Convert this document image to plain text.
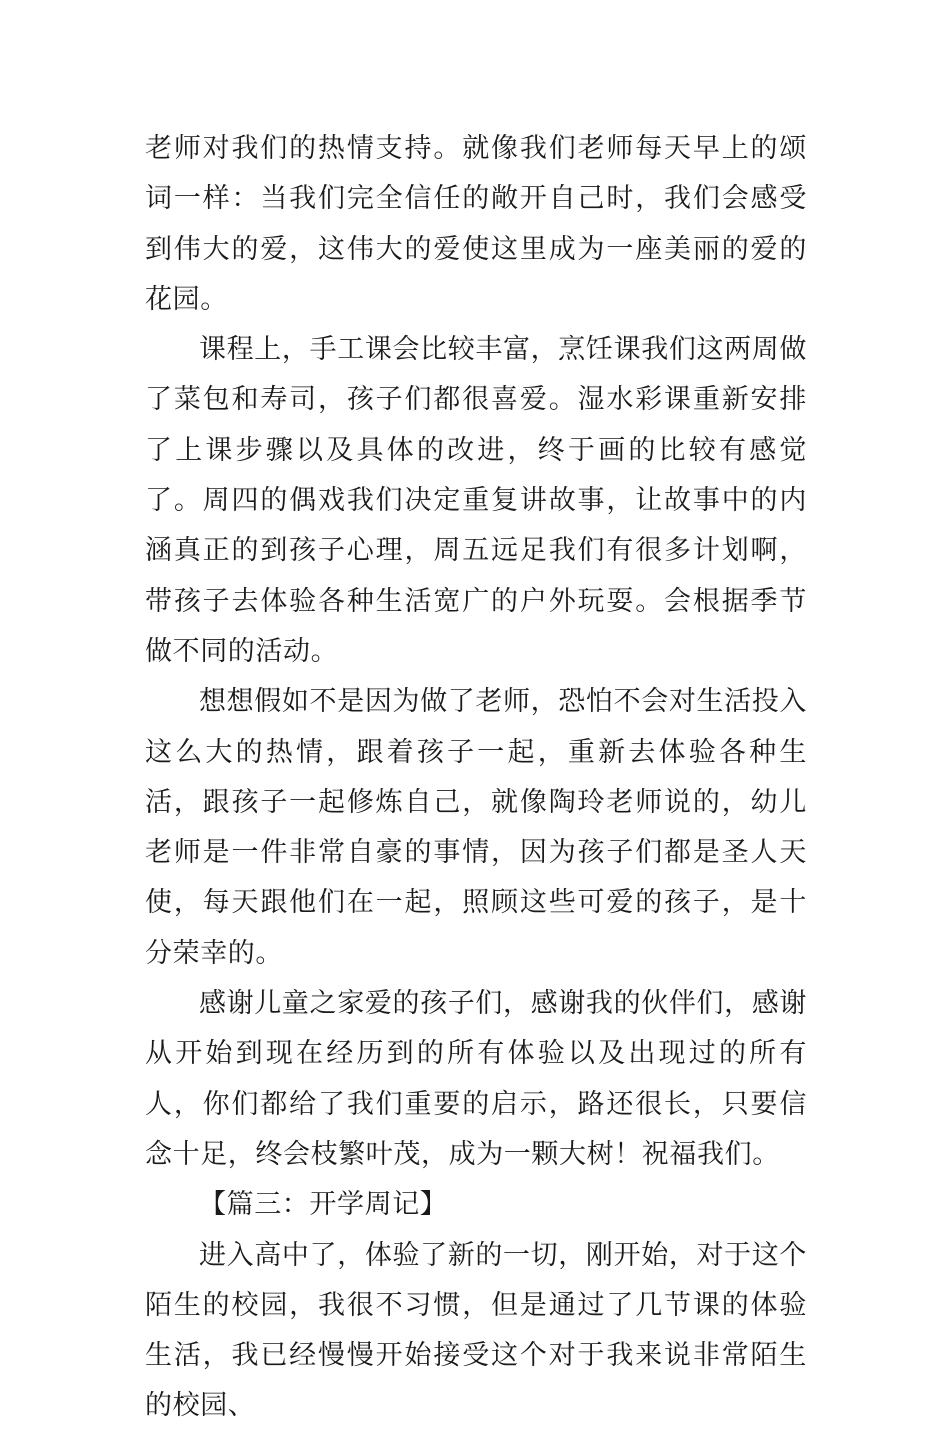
老师对我们的热情支持。就像我们老师每天早上的颂词一样：当我们完全信任的敞开自己时，我们会感受到伟大的爱，这伟大的爱使这里成为一座美丽的爱的花园。

课程上，手工课会比较丰富，烹饪课我们这两周做了菜包和寿司，孩子们都很喜爱。湿水彩课重新安排了上课步骤以及具体的改进，终于画的比较有感觉了。周四的偶戏我们决定重复讲故事，让故事中的内涵真正的到孩子心理，周五远足我们有很多计划啊，带孩子去体验各种生活宽广的户外玩耍。会根据季节做不同的活动。

想想假如不是因为做了老师，恐怕不会对生活投入这么大的热情，跟着孩子一起，重新去体验各种生活，跟孩子一起修炼自己，就像陶玲老师说的，幼儿老师是一件非常自豪的事情，因为孩子们都是圣人天使，每天跟他们在一起，照顾这些可爱的孩子，是十分荣幸的。

感谢儿童之家爱的孩子们，感谢我的伙伴们，感谢从开始到现在经历到的所有体验以及出现过的所有人，你们都给了我们重要的启示，路还很长，只要信念十足，终会枝繁叶茂，成为一颗大树！祝福我们。

【篇三：开学周记】

进入高中了，体验了新的一切，刚开始，对于这个陌生的校园，我很不习惯，但是通过了几节课的体验生活，我已经慢慢开始接受这个对于我来说非常陌生的校园、
